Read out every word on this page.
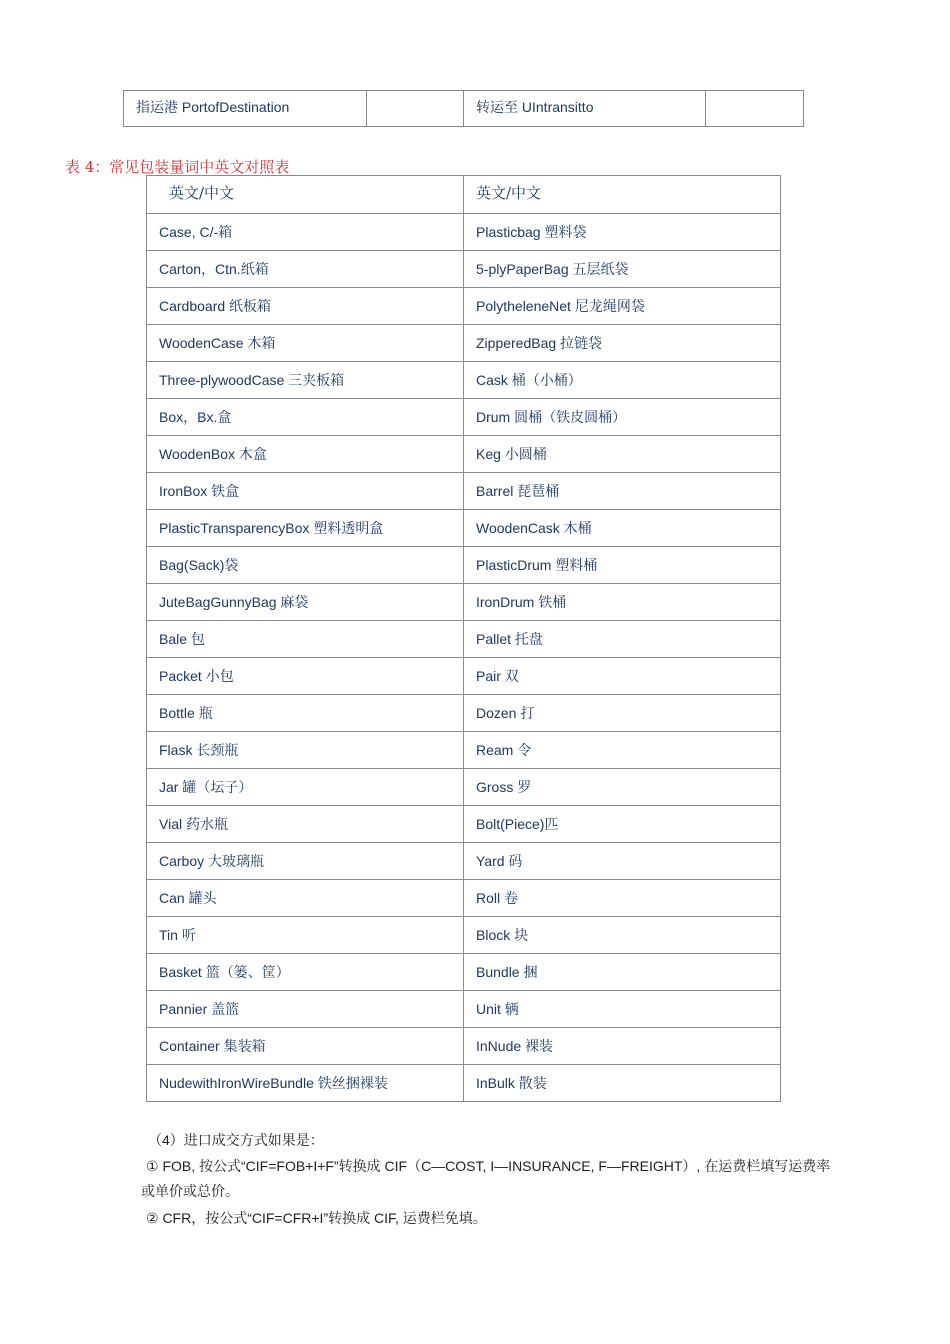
指运港 PortofDestination		转运至 UIntransitto	
表 4：常见包装量词中英文对照表
英文/中文	英文/中文
Case, C/-箱	Plasticbag 塑料袋
Carton，Ctn.纸箱	5-plyPaperBag 五层纸袋
Cardboard 纸板箱	PolytheleneNet 尼龙绳网袋
WoodenCase 木箱	ZipperedBag 拉链袋
Three-plywoodCase 三夹板箱	Cask 桶（小桶）
Box，Bx.盒	Drum 圆桶（铁皮圆桶）
WoodenBox 木盒	Keg 小圆桶
IronBox 铁盒	Barrel 琵琶桶
PlasticTransparencyBox 塑料透明盒	WoodenCask 木桶
Bag(Sack)袋	PlasticDrum 塑料桶
JuteBagGunnyBag 麻袋	IronDrum 铁桶
Bale 包	Pallet 托盘
Packet 小包	Pair 双
Bottle 瓶	Dozen 打
Flask 长颈瓶	Ream 令
Jar 罐（坛子）	Gross 罗
Vial 药水瓶	Bolt(Piece)匹
Carboy 大玻璃瓶	Yard 码
Can 罐头	Roll 卷
Tin 听	Block 块
Basket 篮（篓、筐）	Bundle 捆
Pannier 盖篮	Unit 辆
Container 集装箱	InNude 裸装
NudewithIronWireBundle 铁丝捆裸装	InBulk 散装
（4）进口成交方式如果是：
① FOB, 按公式“CIF=FOB+I+F”转换成 CIF（C—COST, I—INSURANCE, F—FREIGHT）, 在运费栏填写运费率
或单价或总价。
② CFR，按公式“CIF=CFR+I”转换成 CIF, 运费栏免填。
